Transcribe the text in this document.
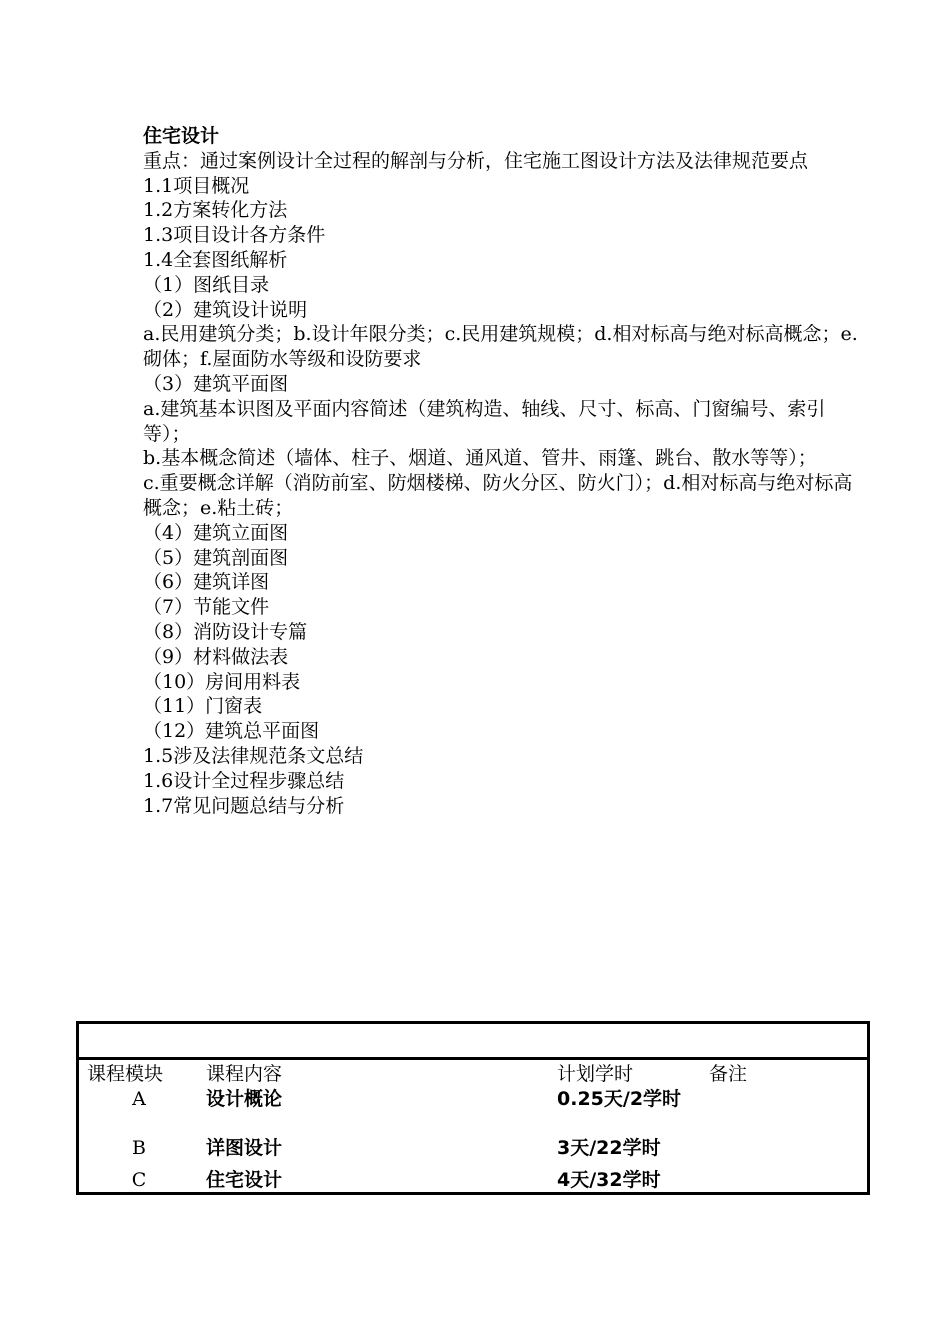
住宅设计
重点：通过案例设计全过程的解剖与分析，住宅施工图设计方法及法律规范要点
1.1项目概况
1.2方案转化方法
1.3项目设计各方条件
1.4全套图纸解析
（1）图纸目录
（2）建筑设计说明
a.民用建筑分类；b.设计年限分类；c.民用建筑规模；d.相对标高与绝对标高概念；e.砌体；f.屋面防水等级和设防要求
（3）建筑平面图
a.建筑基本识图及平面内容简述（建筑构造、轴线、尺寸、标高、门窗编号、索引等）；
b.基本概念简述（墙体、柱子、烟道、通风道、管井、雨篷、跳台、散水等等）；
c.重要概念详解（消防前室、防烟楼梯、防火分区、防火门）；d.相对标高与绝对标高概念；e.粘土砖；
（4）建筑立面图
（5）建筑剖面图
（6）建筑详图
（7）节能文件
（8）消防设计专篇
（9）材料做法表
（10）房间用料表
（11）门窗表
（12）建筑总平面图
1.5涉及法律规范条文总结
1.6设计全过程步骤总结
1.7常见问题总结与分析
课程模块 课程内容	计划学时	备注
A	设计概论	0.25天/2学时
B	详图设计	3天/22学时
C	住宅设计	4天/32学时
